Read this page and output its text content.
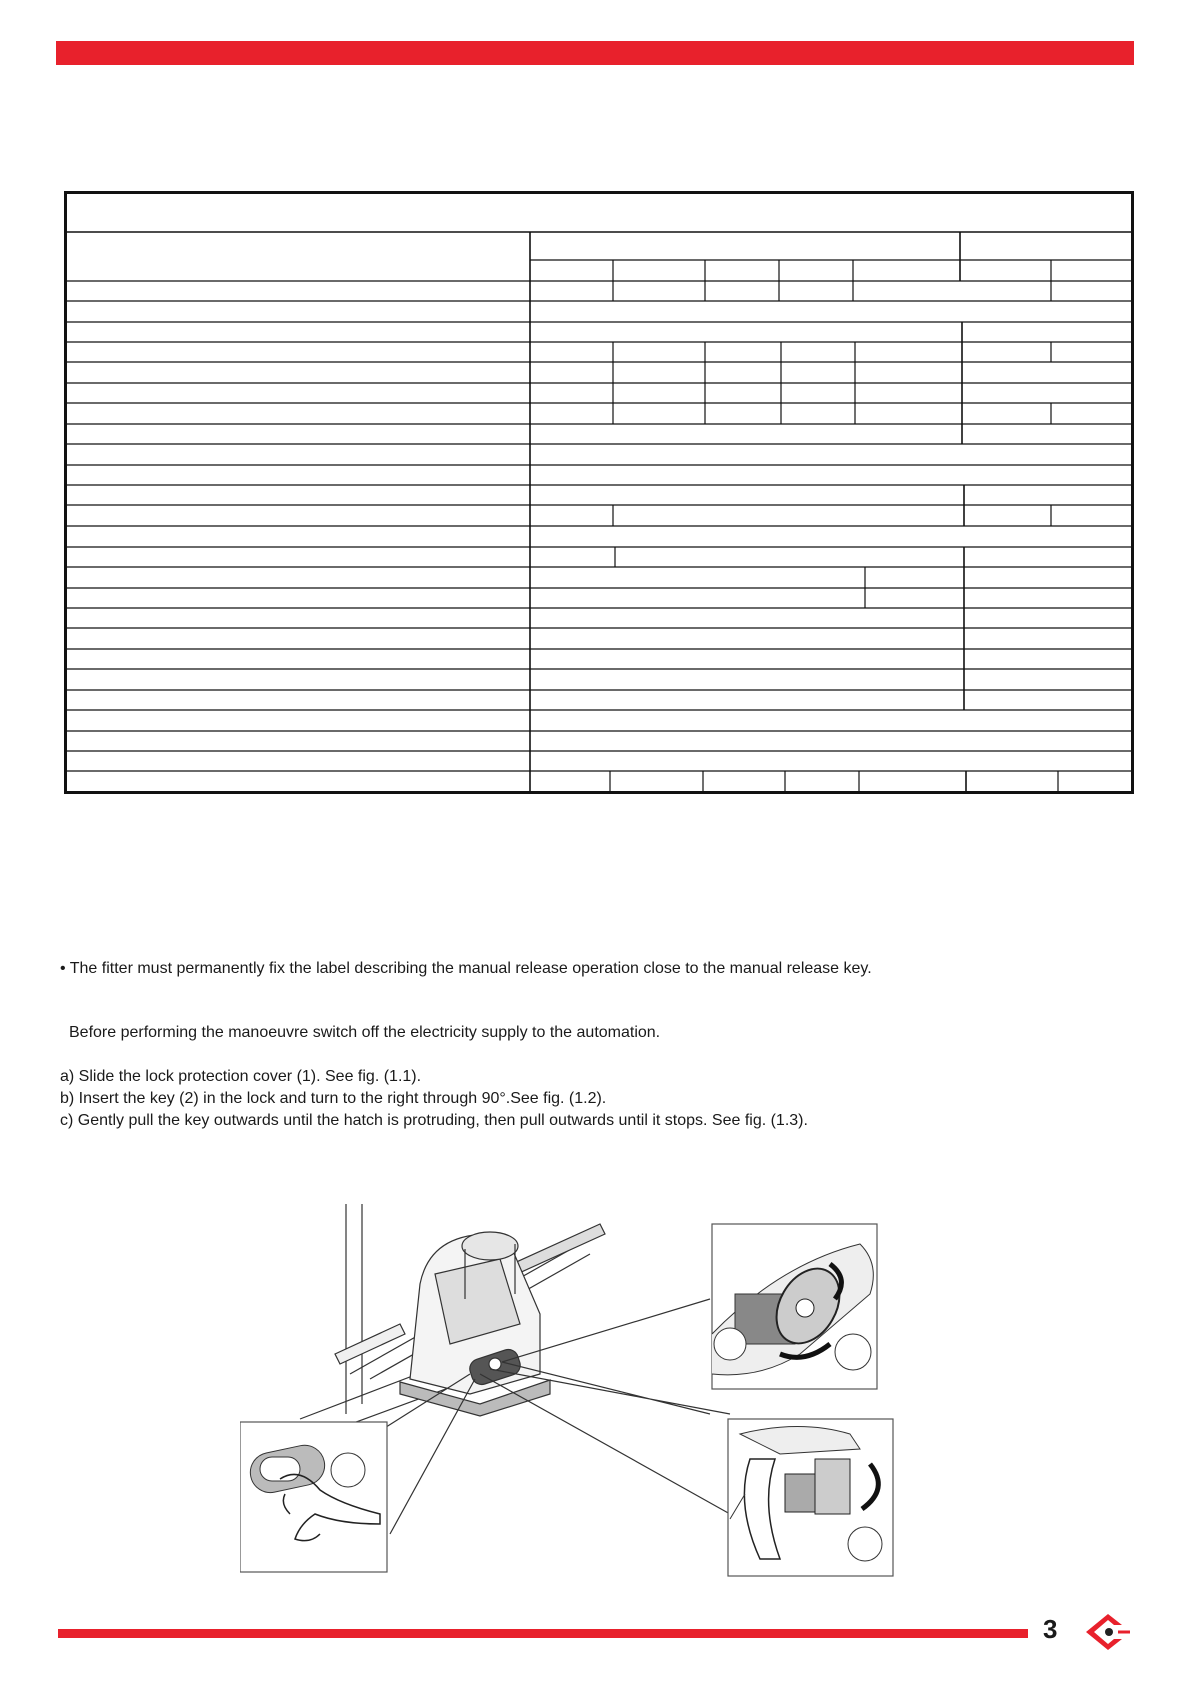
• The fitter must permanently fix the label describing the manual release operation close to the manual release key.
Before performing the manoeuvre switch off the electricity supply to the automation.
a) Slide the lock protection cover (1). See fig. (1.1).
b) Insert the key (2) in the lock and turn to the right through 90°.See fig. (1.2).
c) Gently pull the key outwards until the hatch is protruding, then pull outwards until it stops. See fig. (1.3).
3
